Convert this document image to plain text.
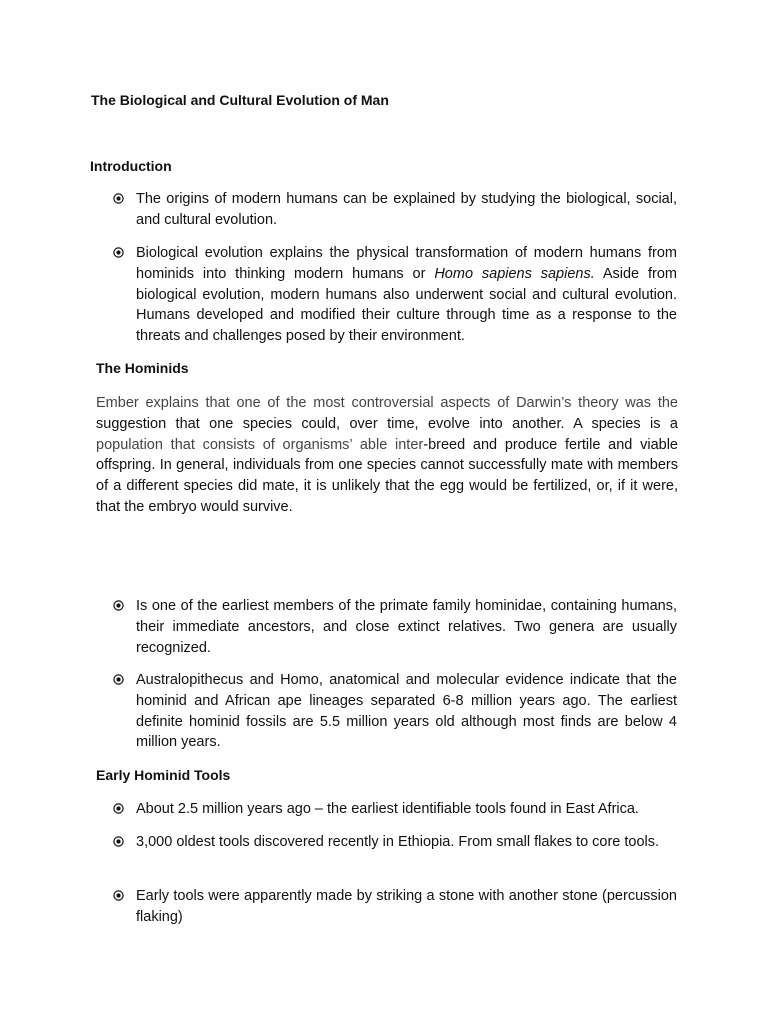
The Biological and Cultural Evolution of Man
Introduction
The origins of modern humans can be explained by studying the biological, social, and cultural evolution.
Biological evolution explains the physical transformation of modern humans from hominids into thinking modern humans or Homo sapiens sapiens. Aside from biological evolution, modern humans also underwent social and cultural evolution. Humans developed and modified their culture through time as a response to the threats and challenges posed by their environment.
The Hominids

Ember explains that one of the most controversial aspects of Darwin’s theory was the suggestion that one species could, over time, evolve into another. A species is a population that consists of organisms’ able inter-breed and produce fertile and viable offspring. In general, individuals from one species cannot successfully mate with members of a different species did mate, it is unlikely that the egg would be fertilized, or, if it were, that the embryo would survive.

Is one of the earliest members of the primate family hominidae, containing humans, their immediate ancestors, and close extinct relatives. Two genera are usually recognized.
Australopithecus and Homo, anatomical and molecular evidence indicate that the hominid and African ape lineages separated 6-8 million years ago. The earliest definite hominid fossils are 5.5 million years old although most finds are below 4 million years.
Early Hominid Tools
About 2.5 million years ago – the earliest identifiable tools found in East Africa.
3,000 oldest tools discovered recently in Ethiopia. From small flakes to core tools.
Early tools were apparently made by striking a stone with another stone (percussion flaking)
